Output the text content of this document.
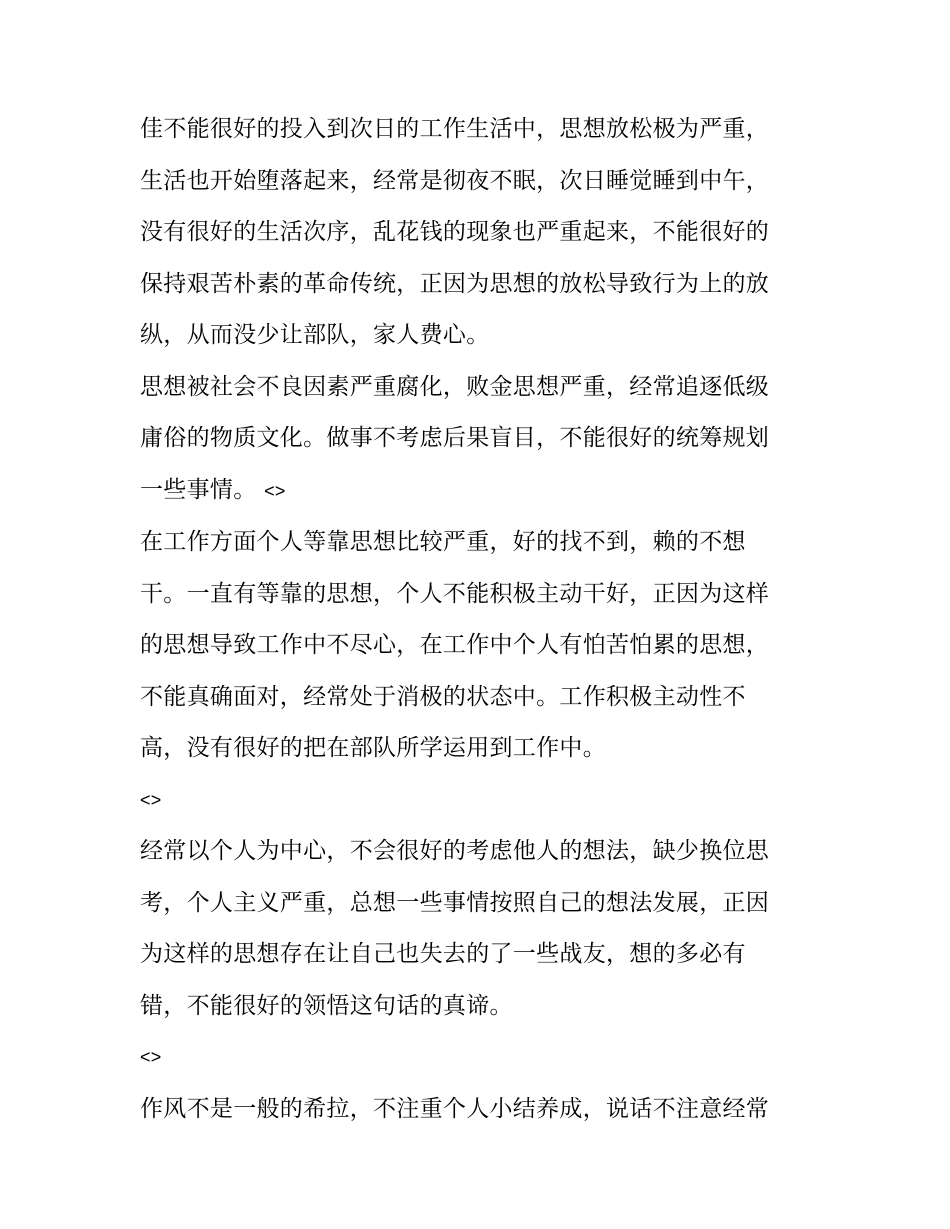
佳不能很好的投入到次日的工作生活中，思想放松极为严重，

生活也开始堕落起来，经常是彻夜不眠，次日睡觉睡到中午，

没有很好的生活次序，乱花钱的现象也严重起来，不能很好的

保持艰苦朴素的革命传统，正因为思想的放松导致行为上的放

纵，从而没少让部队，家人费心。

思想被社会不良因素严重腐化，败金思想严重，经常追逐低级

庸俗的物质文化。做事不考虑后果盲目，不能很好的统筹规划

一些事情。 <>

在工作方面个人等靠思想比较严重，好的找不到，赖的不想

干。一直有等靠的思想，个人不能积极主动干好，正因为这样

的思想导致工作中不尽心，在工作中个人有怕苦怕累的思想，

不能真确面对，经常处于消极的状态中。工作积极主动性不

高，没有很好的把在部队所学运用到工作中。

<>

经常以个人为中心，不会很好的考虑他人的想法，缺少换位思

考，个人主义严重，总想一些事情按照自己的想法发展，正因

为这样的思想存在让自己也失去的了一些战友，想的多必有

错，不能很好的领悟这句话的真谛。

<>

作风不是一般的希拉，不注重个人小结养成，说话不注意经常
